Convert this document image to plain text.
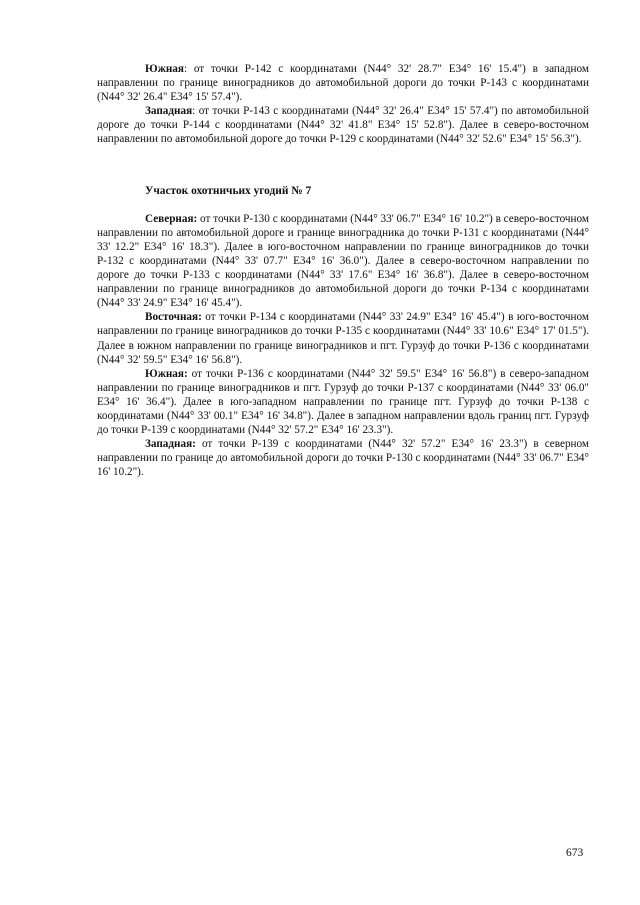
Южная: от точки Р-142 с координатами (N44° 32' 28.7" Е34° 16' 15.4") в западном направлении по границе виноградников до автомобильной дороги до точки Р-143 с координатами (N44° 32' 26.4" Е34° 15' 57.4").

Западная: от точки Р-143 с координатами (N44° 32' 26.4" Е34° 15' 57.4") по автомобильной дороге до точки Р-144 с координатами (N44° 32' 41.8" Е34° 15' 52.8"). Далее в северо-восточном направлении по автомобильной дороге до точки Р-129 с координатами (N44° 32' 52.6" Е34° 15' 56.3").

Участок охотничьих угодий № 7

Северная: от точки Р-130 с координатами (N44° 33' 06.7" Е34° 16' 10.2") в северо-восточном направлении по автомобильной дороге и границе виноградника до точки Р-131 с координатами (N44° 33' 12.2" Е34° 16' 18.3"). Далее в юго-восточном направлении по границе виноградников до точки Р-132 с координатами (N44° 33' 07.7" Е34° 16' 36.0"). Далее в северо-восточном направлении по дороге до точки Р-133 с координатами (N44° 33' 17.6" Е34° 16' 36.8"). Далее в северо-восточном направлении по границе виноградников до автомобильной дороги до точки Р-134 с координатами (N44° 33' 24.9" Е34° 16' 45.4").

Восточная: от точки Р-134 с координатами (N44° 33' 24.9" Е34° 16' 45.4") в юго-восточном направлении по границе виноградников до точки Р-135 с координатами (N44° 33' 10.6" Е34° 17' 01.5"). Далее в южном направлении по границе виноградников и пгт. Гурзуф до точки Р-136 с координатами (N44° 32' 59.5" Е34° 16' 56.8").

Южная: от точки Р-136 с координатами (N44° 32' 59.5" Е34° 16' 56.8") в северо-западном направлении по границе виноградников и пгт. Гурзуф до точки Р-137 с координатами (N44° 33' 06.0" Е34° 16' 36.4"). Далее в юго-западном направлении по границе пгт. Гурзуф до точки Р-138 с координатами (N44° 33' 00.1" Е34° 16' 34.8"). Далее в западном направлении вдоль границ пгт. Гурзуф до точки Р-139 с координатами (N44° 32' 57.2" Е34° 16' 23.3").

Западная: от точки Р-139 с координатами (N44° 32' 57.2" Е34° 16' 23.3") в северном направлении по границе до автомобильной дороги до точки Р-130 с координатами (N44° 33' 06.7" Е34° 16' 10.2").

673
